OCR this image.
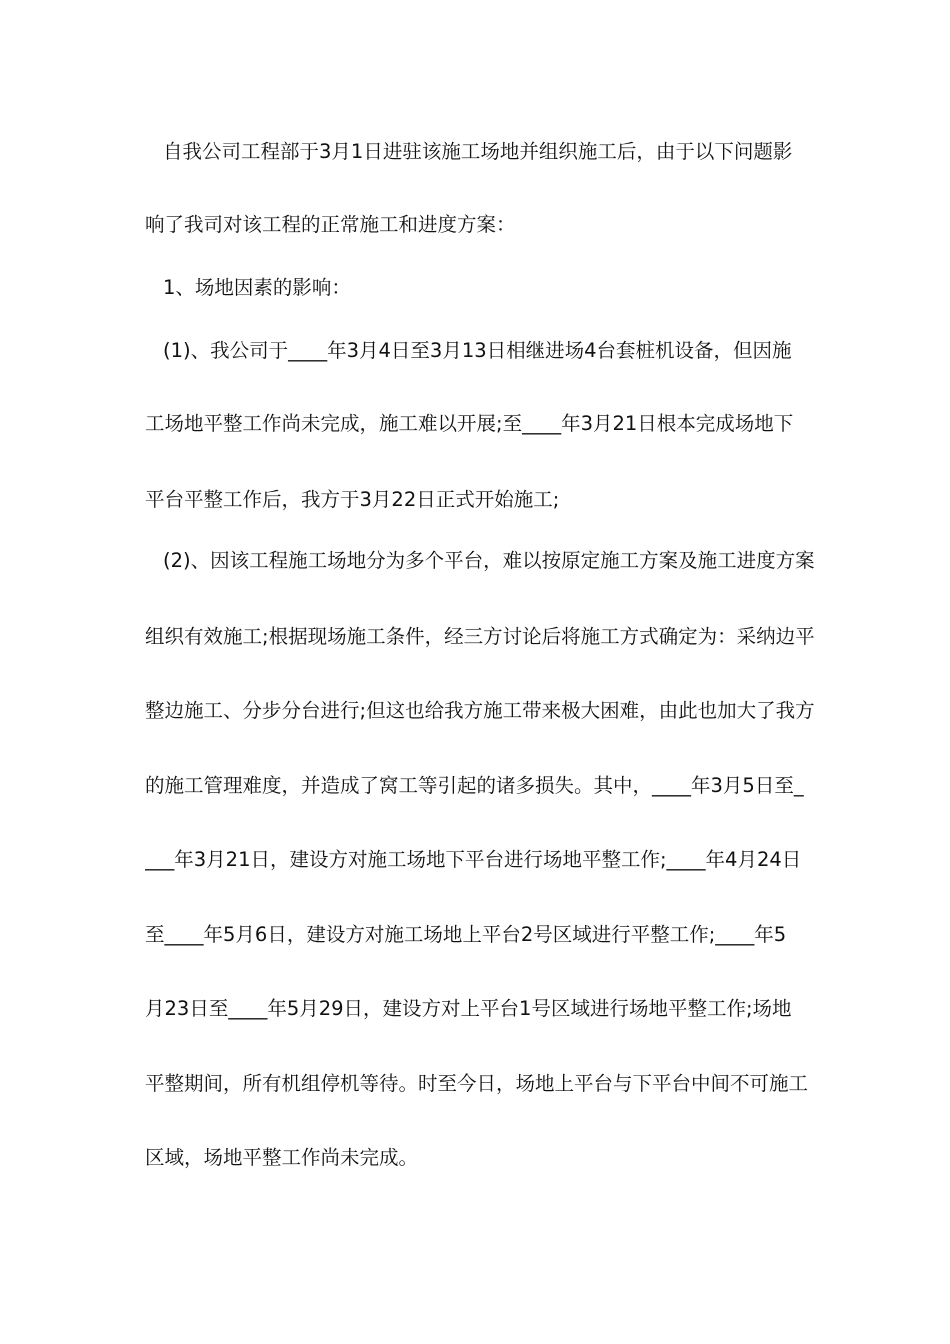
自我公司工程部于3月1日进驻该施工场地并组织施工后，由于以下问题影
响了我司对该工程的正常施工和进度方案：
1、场地因素的影响：
(1)、我公司于____年3月4日至3月13日相继进场4台套桩机设备，但因施
工场地平整工作尚未完成，施工难以开展;至____年3月21日根本完成场地下
平台平整工作后，我方于3月22日正式开始施工;
(2)、因该工程施工场地分为多个平台，难以按原定施工方案及施工进度方案
组织有效施工;根据现场施工条件，经三方讨论后将施工方式确定为：采纳边平
整边施工、分步分台进行;但这也给我方施工带来极大困难，由此也加大了我方
的施工管理难度，并造成了窝工等引起的诸多损失。其中，____年3月5日至_
___年3月21日，建设方对施工场地下平台进行场地平整工作;____年4月24日
至____年5月6日，建设方对施工场地上平台2号区域进行平整工作;____年5
月23日至____年5月29日，建设方对上平台1号区域进行场地平整工作;场地
平整期间，所有机组停机等待。时至今日，场地上平台与下平台中间不可施工
区域，场地平整工作尚未完成。
